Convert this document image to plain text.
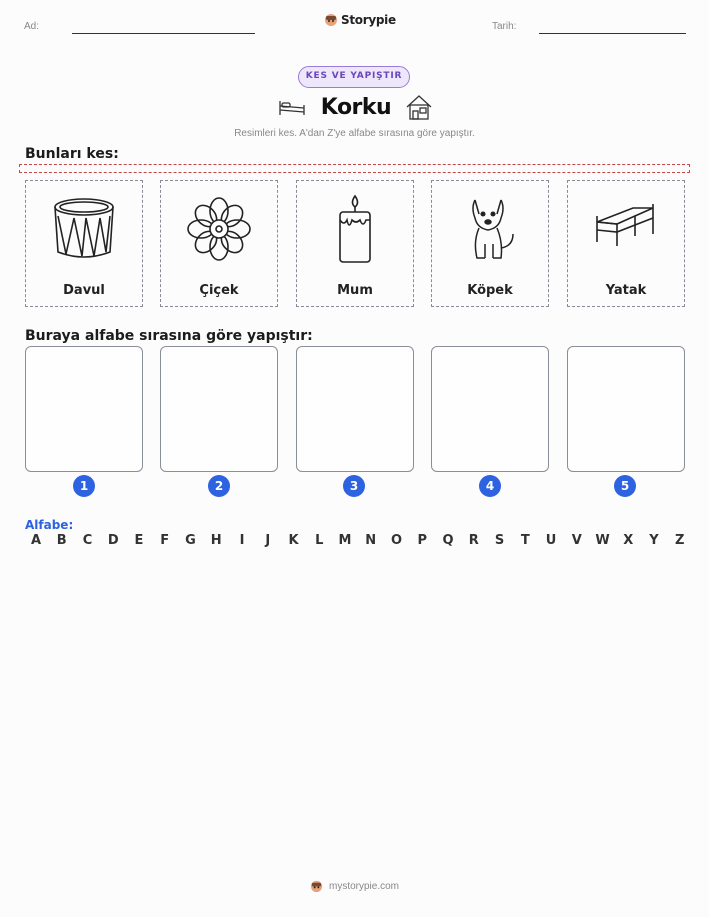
Ad:	Storypie	Tarih:
KES VE YAPIŞTIR
Korku
Resimleri kes. A'dan Z'ye alfabe sırasına göre yapıştır.
Bunları kes:
Davul	Çiçek	Mum	Köpek	Yatak
Buraya alfabe sırasına göre yapıştır:
1	2	3	4	5
Alfabe:
A B C D E F G H	I	J	K L M N O P Q R S T U V W X Y Z
mystorypie.com
